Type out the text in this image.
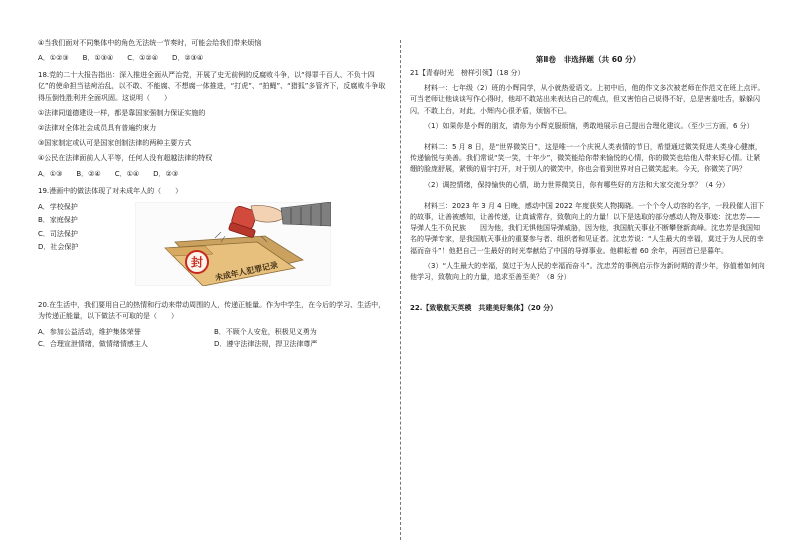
④当我们面对不同集体中的角色无法统一节奏时，可能会给我们带来烦恼

A．①②③ B．①③④ C．①②④ D．②③④

18.党的二十大报告指出：深入推进全面从严治党，开展了史无前例的反腐败斗争，以“得罪千百人、不负十四亿”的使命担当祛疴治乱，以不敢、不能腐、不想腐一体推进，“打虎”、“拍蝇”、“猎狐”多管齐下，反腐败斗争取得压倒性胜利并全面巩固。这说明（　　）

①法律同道德建设一样，都是靠国家强制力保证实施的

②法律对全体社会成员具有普遍约束力

③国家制定或认可是国家创制法律的两种主要方式

④公民在法律面前人人平等，任何人没有超越法律的特权

A．①③ B．②④ C．①④ D．②③

19.漫画中的做法体现了对未成年人的（　　）

A．学校保护
B．家庭保护
C．司法保护
D．社会保护
封 未成年人犯罪记录

20.在生活中，我们要用自己的热情和行动来带动周围的人，传递正能量。作为中学生，在今后的学习、生活中，为传递正能量，以下做法不可取的是（　　）

A．参加公益活动，维护集体荣誉	B．不顾个人安危，积极见义勇为
C．合理宣泄情绪，做情绪情感主人	D．遵守法律法规，捍卫法律尊严

第Ⅱ卷　非选择题（共 60 分）

21【青春时光　榜样引领】（18 分）

材料一：七年级（2）班的小辉同学，从小就热爱语文。上初中后，他的作文多次被老师在作范文在班上点评。可当老师让他谈谈写作心得时，他却不敢站出来表达自己的观点，但又害怕自己说得不好，总是害羞吐舌，躲躲闪闪，不敢上台，对此，小辉内心很矛盾，烦恼不已。

（1）如果你是小辉的朋友，请你为小辉克服烦恼，勇敢地展示自己提出合理化建议。（至少三方面，6 分）

材料二：5 月 8 日，是“世界微笑日”，这是唯一一个庆祝人类表情的节日，希望通过微笑促进人类身心健康，传递愉悦与美善。我们常说“笑一笑，十年少”，微笑能给你带来愉悦的心情，你的微笑也给他人带来好心情。让紧绷的脸庞舒展，紧锁的眉宇打开，对于别人的微笑中，你也会看到世界对自己微笑起来。今天，你微笑了吗？

（2）调控情绪，保持愉快的心情，助力世界微笑日，你有哪些好的方法和大家交流分享？（4 分）

材料三：2023 年 3 月 4 日晚，感动中国 2022 年度获奖人物揭晓。一个个令人动容的名字，一段段催人泪下的故事，让善被感知，让善传递，让真诚常存，致敬向上的力量！以下是选取的部分感动人物及事迹：沈忠芳——导弹人生不负民族　　因为他，我们无惧他国导弹威胁，因为他，我国航天事业不断攀登新高峰。沈忠芳是我国知名的导弹专家，是我国航天事业的重要参与者、组织者和见证者。沈忠芳说：“人生最大的幸福，莫过于为人民的幸福而奋斗”！他把自己一生最好的时光奉献给了中国的导弹事业。他耕耘着 60 余年，再回首已是暮年。

（3）“人生最大的幸福，莫过于为人民的幸福而奋斗”。沈忠芳的事例启示作为新时期的青少年，你值着如何向他学习，致敬向上的力量，追求至善至美？（8 分）

22.【致敬航天英模　共建美好集体】（20 分）
